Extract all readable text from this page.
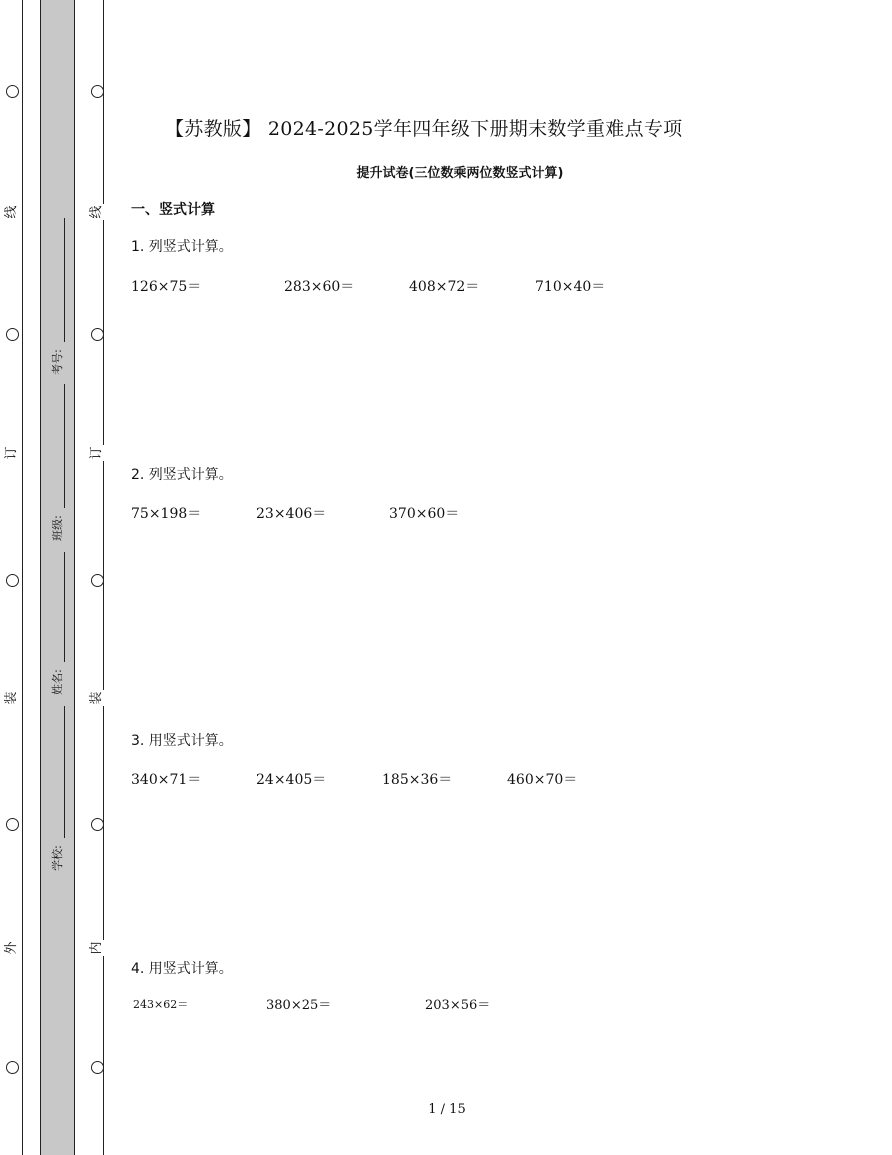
线
订
装
外
线
订
装
内
考号:
班级:
姓名:
学校:
【苏教版】 2024-2025学年四年级下册期末数学重难点专项
提升试卷(三位数乘两位数竖式计算)
一、竖式计算
1. 列竖式计算。
126×75＝	283×60＝	408×72＝	710×40＝
2. 列竖式计算。
75×198＝	23×406＝	370×60＝
3. 用竖式计算。
340×71＝	24×405＝	185×36＝	460×70＝
4. 用竖式计算。
243×62＝	380×25＝	203×56＝
1 / 15
